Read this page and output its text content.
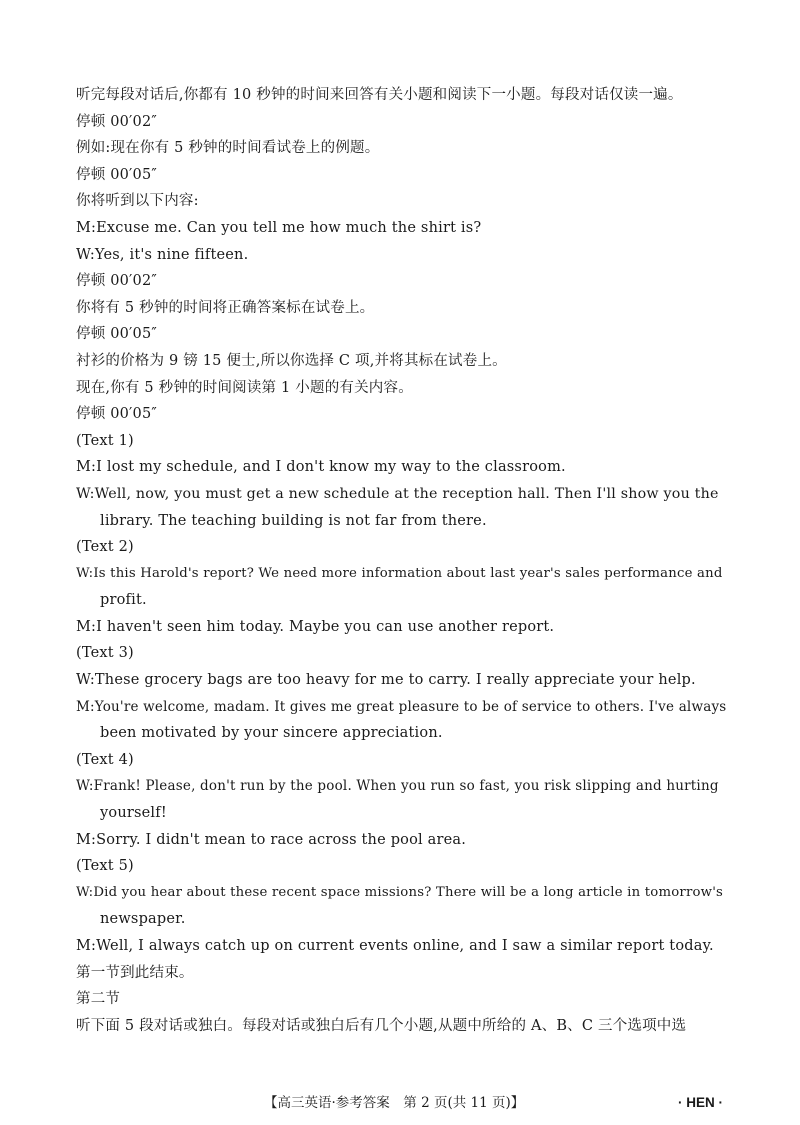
听完每段对话后,你都有 10 秒钟的时间来回答有关小题和阅读下一小题。每段对话仅读一遍。
停顿 00′02″
例如:现在你有 5 秒钟的时间看试卷上的例题。
停顿 00′05″
你将听到以下内容:
M:Excuse me. Can you tell me how much the shirt is?
W:Yes, it's nine fifteen.
停顿 00′02″
你将有 5 秒钟的时间将正确答案标在试卷上。
停顿 00′05″
衬衫的价格为 9 镑 15 便士,所以你选择 C 项,并将其标在试卷上。
现在,你有 5 秒钟的时间阅读第 1 小题的有关内容。
停顿 00′05″
(Text 1)
M:I lost my schedule, and I don't know my way to the classroom.
W:Well, now, you must get a new schedule at the reception hall. Then I'll show you the
library. The teaching building is not far from there.
(Text 2)
W:Is this Harold's report? We need more information about last year's sales performance and
profit.
M:I haven't seen him today. Maybe you can use another report.
(Text 3)
W:These grocery bags are too heavy for me to carry. I really appreciate your help.
M:You're welcome, madam. It gives me great pleasure to be of service to others. I've always
been motivated by your sincere appreciation.
(Text 4)
W:Frank! Please, don't run by the pool. When you run so fast, you risk slipping and hurting
yourself!
M:Sorry. I didn't mean to race across the pool area.
(Text 5)
W:Did you hear about these recent space missions? There will be a long article in tomorrow's
newspaper.
M:Well, I always catch up on current events online, and I saw a similar report today.
第一节到此结束。
第二节
听下面 5 段对话或独白。每段对话或独白后有几个小题,从题中所给的 A、B、C 三个选项中选
【高三英语·参考答案　第 2 页(共 11 页)】	· HEN ·
